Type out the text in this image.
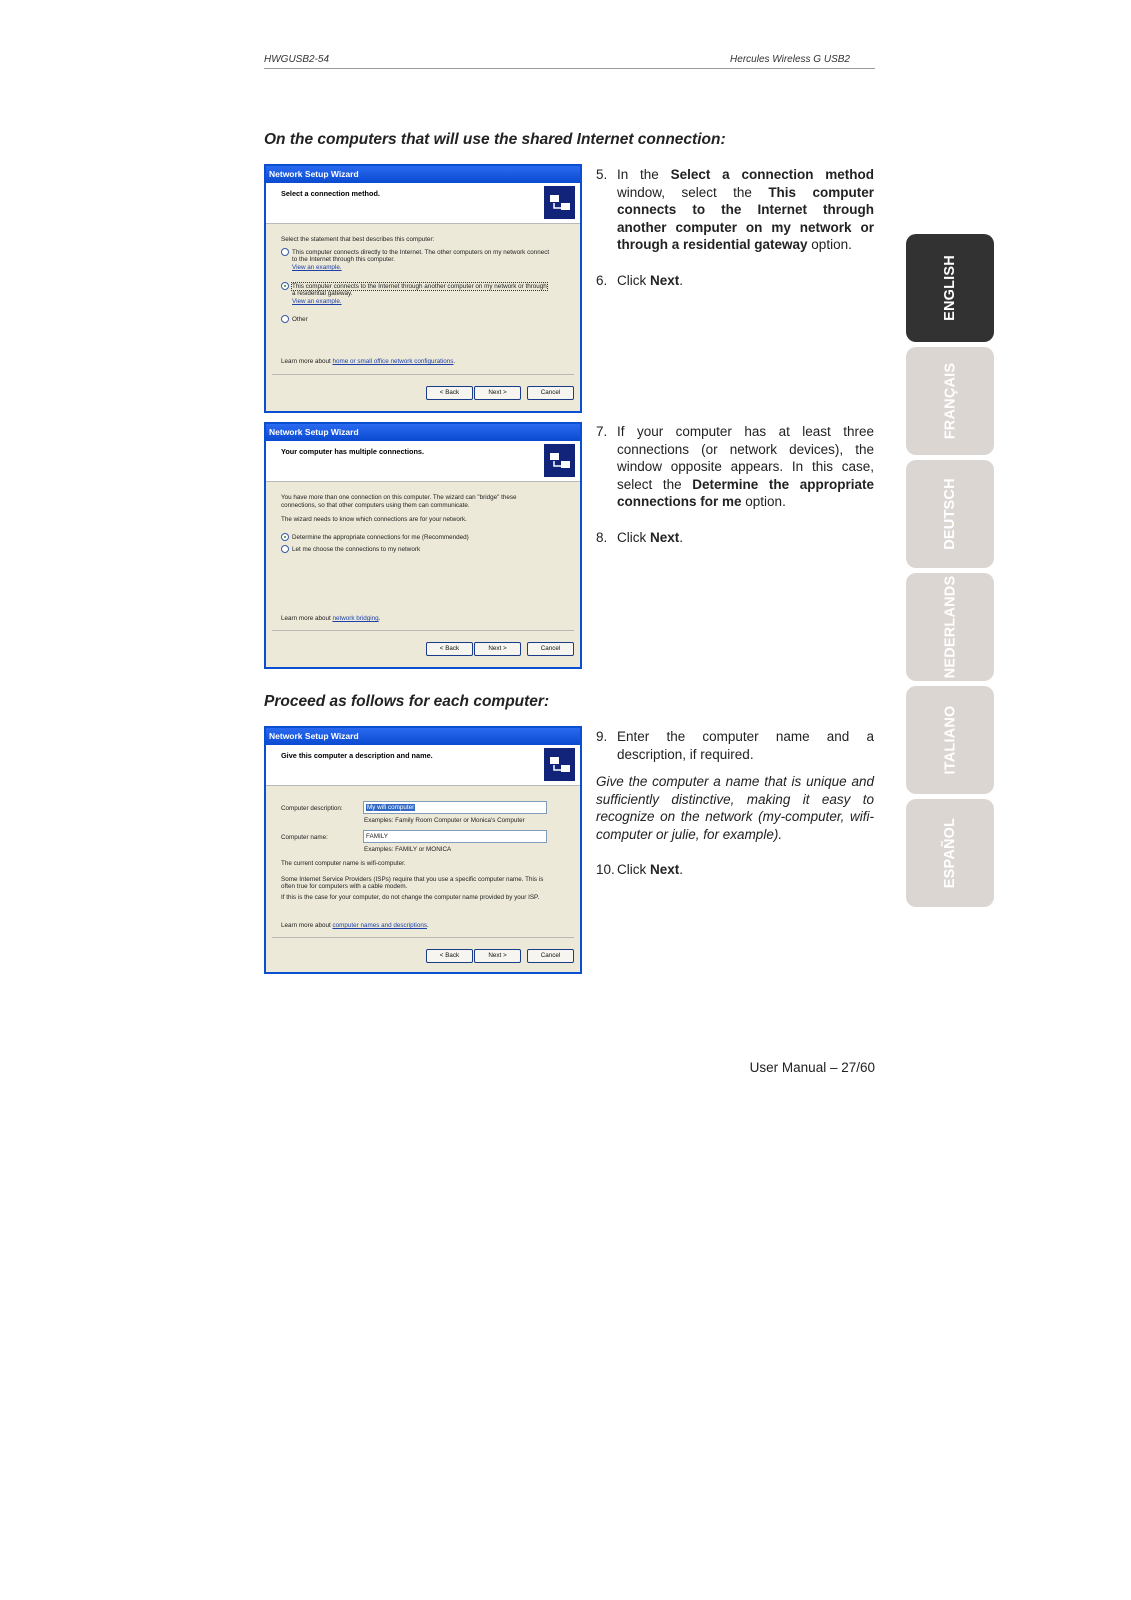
HWGUSB2-54	Hercules Wireless G USB2
On the computers that will use the shared Internet connection:
Network Setup Wizard
Select a connection method.
Select the statement that best describes this computer:
This computer connects directly to the Internet. The other computers on my network connect
to the Internet through this computer.
View an example.
This computer connects to the Internet through another computer on my network or through
a residential gateway.
View an example.
Other
Learn more about home or small office network configurations.
< Back	Next >	Cancel
Network Setup Wizard
Your computer has multiple connections.
You have more than one connection on this computer. The wizard can "bridge" these
connections, so that other computers using them can communicate.
The wizard needs to know which connections are for your network.
Determine the appropriate connections for me (Recommended)
Let me choose the connections to my network
Learn more about network bridging.
< Back	Next >	Cancel
Proceed as follows for each computer:
Network Setup Wizard
Give this computer a description and name.
Computer description:	My wifi computer
Examples: Family Room Computer or Monica's Computer
Computer name:	FAMILY
Examples: FAMILY or MONICA
The current computer name is wifi-computer.
Some Internet Service Providers (ISPs) require that you use a specific computer name. This is
often true for computers with a cable modem.
If this is the case for your computer, do not change the computer name provided by your ISP.
Learn more about computer names and descriptions.
< Back	Next >	Cancel
5. In the Select a connection method window, select the This computer connects to the Internet through another computer on my network or through a residential gateway option.
6. Click Next.
7. If your computer has at least three connections (or network devices), the window opposite appears. In this case, select the Determine the appropriate connections for me option.
8. Click Next.
9. Enter the computer name and a description, if required.
Give the computer a name that is unique and sufficiently distinctive, making it easy to recognize on the network (my-computer, wifi-computer or julie, for example).
10. Click Next.
ENGLISH
FRANÇAIS
DEUTSCH
NEDERLANDS
ITALIANO
ESPAÑOL
User Manual – 27/60
